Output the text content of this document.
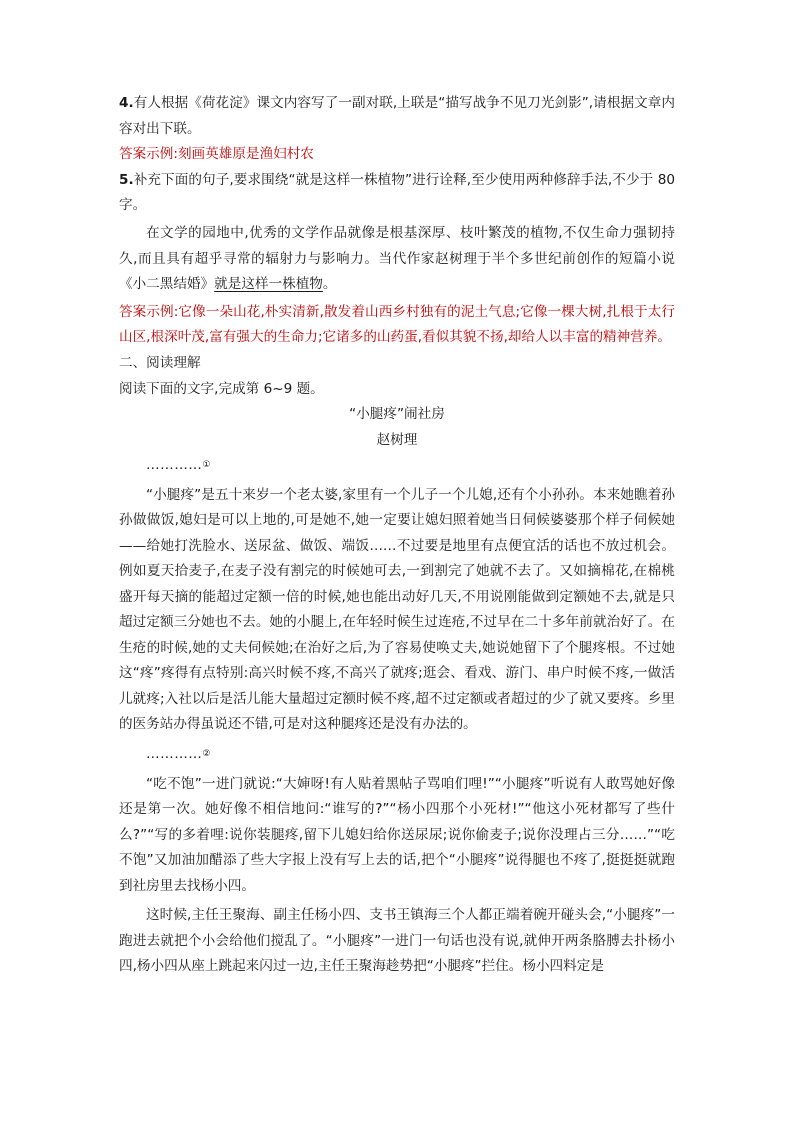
4.有人根据《荷花淀》课文内容写了一副对联,上联是“描写战争不见刀光剑影”,请根据文章内容对出下联。

答案示例:刻画英雄原是渔妇村农

5.补充下面的句子,要求围绕“就是这样一株植物”进行诠释,至少使用两种修辞手法,不少于 80 字。

在文学的园地中,优秀的文学作品就像是根基深厚、枝叶繁茂的植物,不仅生命力强韧持久,而且具有超乎寻常的辐射力与影响力。当代作家赵树理于半个多世纪前创作的短篇小说《小二黑结婚》就是这样一株植物。

答案示例:它像一朵山花,朴实清新,散发着山西乡村独有的泥土气息;它像一棵大树,扎根于太行山区,根深叶茂,富有强大的生命力;它诸多的山药蛋,看似其貌不扬,却给人以丰富的精神营养。

二、阅读理解

阅读下面的文字,完成第 6~9 题。

“小腿疼”闹社房

赵树理

…………①

“小腿疼”是五十来岁一个老太婆,家里有一个儿子一个儿媳,还有个小孙孙。本来她瞧着孙孙做做饭,媳妇是可以上地的,可是她不,她一定要让媳妇照着她当日伺候婆婆那个样子伺候她——给她打洗脸水、送尿盆、做饭、端饭……不过要是地里有点便宜活的话也不放过机会。例如夏天拾麦子,在麦子没有割完的时候她可去,一到割完了她就不去了。又如摘棉花,在棉桃盛开每天摘的能超过定额一倍的时候,她也能出动好几天,不用说刚能做到定额她不去,就是只超过定额三分她也不去。她的小腿上,在年轻时候生过连疮,不过早在二十多年前就治好了。在生疮的时候,她的丈夫伺候她;在治好之后,为了容易使唤丈夫,她说她留下了个腿疼根。不过她这“疼”疼得有点特别:高兴时候不疼,不高兴了就疼;逛会、看戏、游门、串户时候不疼,一做活儿就疼;入社以后是活儿能大量超过定额时候不疼,超不过定额或者超过的少了就又要疼。乡里的医务站办得虽说还不错,可是对这种腿疼还是没有办法的。

…………②

“吃不饱”一进门就说:“大婶呀!有人贴着黑帖子骂咱们哩!”“小腿疼”听说有人敢骂她好像还是第一次。她好像不相信地问:“谁写的?”“杨小四那个小死材!”“他这小死材都写了些什么?”“写的多着哩:说你装腿疼,留下儿媳妇给你送尿尿;说你偷麦子;说你没理占三分……”“吃不饱”又加油加醋添了些大字报上没有写上去的话,把个“小腿疼”说得腿也不疼了,挺挺挺就跑到社房里去找杨小四。

这时候,主任王聚海、副主任杨小四、支书王镇海三个人都正端着碗开碰头会,“小腿疼”一跑进去就把个小会给他们搅乱了。“小腿疼”一进门一句话也没有说,就伸开两条胳膊去扑杨小四,杨小四从座上跳起来闪过一边,主任王聚海趁势把“小腿疼”拦住。杨小四料定是
